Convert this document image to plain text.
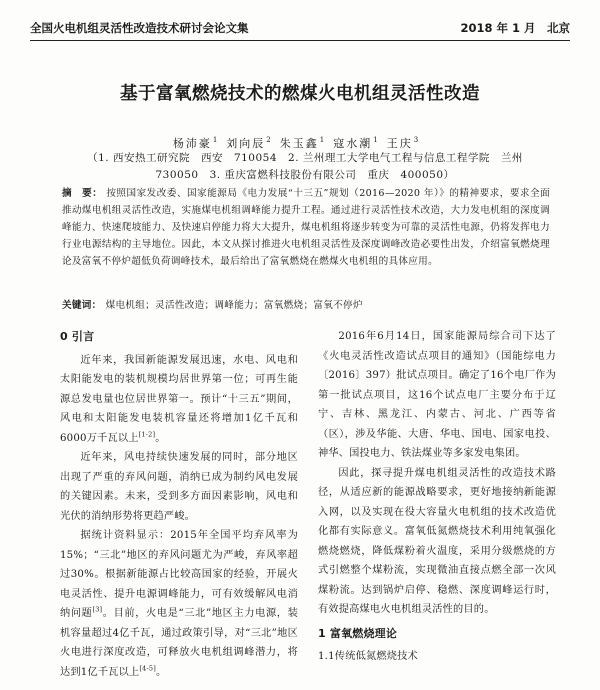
全国火电机组灵活性改造技术研讨会论文集	2018 年 1 月　北京
基于富氧燃烧技术的燃煤火电机组灵活性改造
杨沛豪$^1$ 刘向辰$^2$ 朱玉鑫$^1$ 寇水潮$^1$ 王庆$^3$
（1. 西安热工研究院　西安　710054　2. 兰州理工大学电气工程与信息工程学院　兰州　730050　3. 重庆富燃科技股份有限公司　重庆　400050）
摘　要： 按照国家发改委、国家能源局《电力发展“十三五”规划（2016—2020 年）》的精神要求，要求全面推动煤电机组灵活性改造，实施煤电机组调峰能力提升工程。通过进行灵活性技术改造，大力发电机组的深度调峰能力、快速爬坡能力、及快速启停能力将大大提升，煤电机组将逐步转变为可靠的灵活性电源，仍将发挥电力行业电源结构的主导地位。因此，本文从探讨推进火电机组灵活性及深度调峰改造必要性出发，介绍富氧燃烧理论及富氧不停炉超低负荷调峰技术，最后给出了富氧燃烧在燃煤火电机组的具体应用。
关键词： 煤电机组；灵活性改造；调峰能力；富氧燃烧；富氧不停炉
0 引言

近年来，我国新能源发展迅速，水电、风电和太阳能发电的装机规模均居世界第一位；可再生能源总发电量也位居世界第一。预计“十三五”期间，风电和太阳能发电装机容量还将增加1亿千瓦和6000万千瓦以上[1-2]。

近年来，风电持续快速发展的同时，部分地区出现了严重的弃风问题，消纳已成为制约风电发展的关键因素。未来，受到多方面因素影响，风电和光伏的消纳形势将更趋严峻。

据统计资料显示：2015年全国平均弃风率为15%；“三北”地区的弃风问题尤为严峻，弃风率超过30%。根据新能源占比较高国家的经验，开展火电灵活性、提升电源调峰能力，可有效缓解风电消纳问题[3]。目前，火电是“三北”地区主力电源，装机容量超过4亿千瓦，通过政策引导，对“三北”地区火电进行深度改造，可释放火电机组调峰潜力，将达到1亿千瓦以上[4-5]。

2016年6月14日，国家能源局综合司下达了《火电灵活性改造试点项目的通知》（国能综电力〔2016〕397）批试点项目。确定了16个电厂作为第一批试点项目，这16个试点电厂主要分布于辽宁、吉林、黑龙江、内蒙古、河北、广西等省（区），涉及华能、大唐、华电、国电、国家电投、神华、国投电力、铁法煤业等多家发电集团。

因此，探寻提升煤电机组灵活性的改造技术路径，从适应新的能源战略要求，更好地接纳新能源入网，以及实现在役大容量火电机组的技术改造优化都有实际意义。富氧低氮燃烧技术利用纯氧强化燃烧燃烧，降低煤粉着火温度，采用分级燃烧的方式引燃整个煤粉流，实现微油直接点燃全部一次风煤粉流。达到锅炉启停、稳燃、深度调峰运行时，有效提高煤电火电机组灵活性的目的。

1 富氧燃烧理论
1.1传统低氮燃烧技术
